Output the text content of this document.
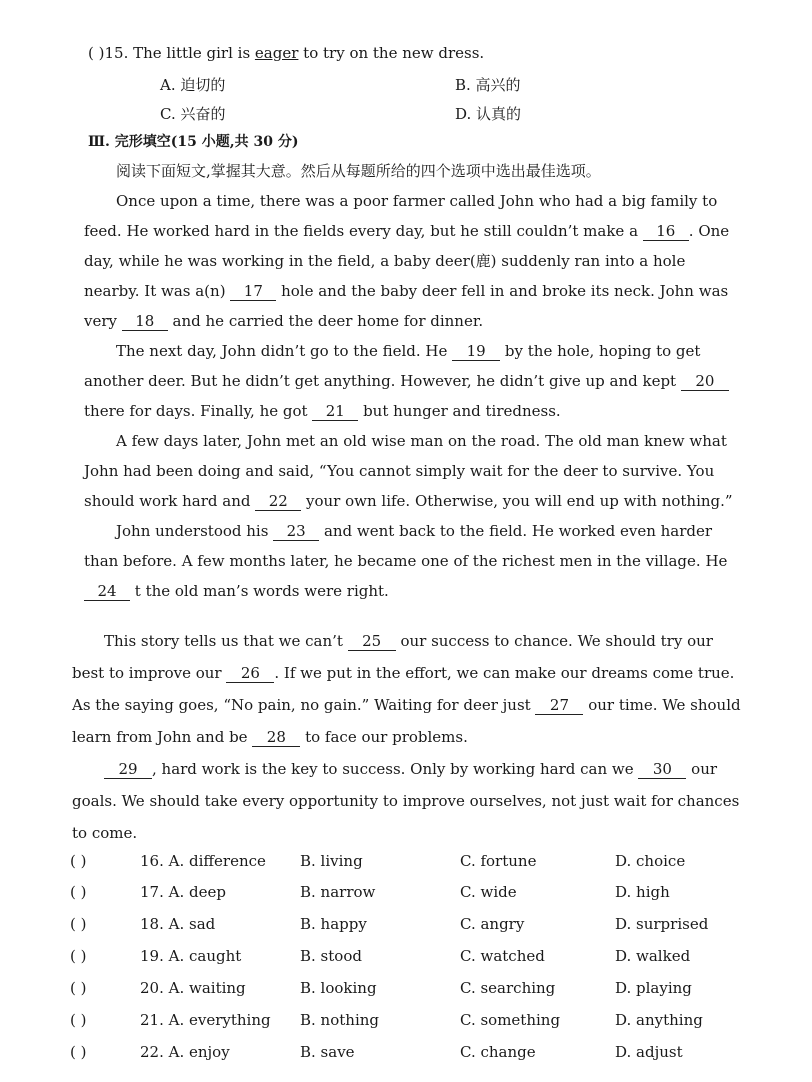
( )15. The little girl is eager to try on the new dress.
A. 迫切的	B. 高兴的
C. 兴奋的	D. 认真的
Ⅲ. 完形填空(15 小题,共 30 分)
阅读下面短文,掌握其大意。然后从每题所给的四个选项中选出最佳选项。
Once upon a time, there was a poor farmer called John who had a big family to feed. He worked hard in the fields every day, but he still couldn’t make a 16 . One day, while he was working in the field, a baby deer(鹿) suddenly ran into a hole nearby. It was a(n) 17 hole and the baby deer fell in and broke its neck. John was very 18 and he carried the deer home for dinner.
The next day, John didn’t go to the field. He 19 by the hole, hoping to get another deer. But he didn’t get anything. However, he didn’t give up and kept 20 there for days. Finally, he got 21 but hunger and tiredness.
A few days later, John met an old wise man on the road. The old man knew what John had been doing and said, “You cannot simply wait for the deer to survive. You should work hard and 22 your own life. Otherwise, you will end up with nothing.”
John understood his 23 and went back to the field. He worked even harder than before. A few months later, he became one of the richest men in the village. He 24 t the old man’s words were right.
This story tells us that we can’t 25 our success to chance. We should try our best to improve our 26 . If we put in the effort, we can make our dreams come true. As the saying goes, “No pain, no gain.” Waiting for deer just 27 our time. We should learn from John and be 28 to face our problems.
29 , hard work is the key to success. Only by working hard can we 30 our goals. We should take every opportunity to improve ourselves, not just wait for chances to come.
( )	16. A. difference B. living	C. fortune	D. choice
( )	17. A. deep	B. narrow	C. wide	D. high
( )	18. A. sad	B. happy	C. angry	D. surprised
( )	19. A. caught	B. stood	C. watched	D. walked
( )	20. A. waiting	B. looking	C. searching	D. playing
( )	21. A. everything B. nothing	C. something	D. anything
( )	22. A. enjoy	B. save	C. change	D. adjust
